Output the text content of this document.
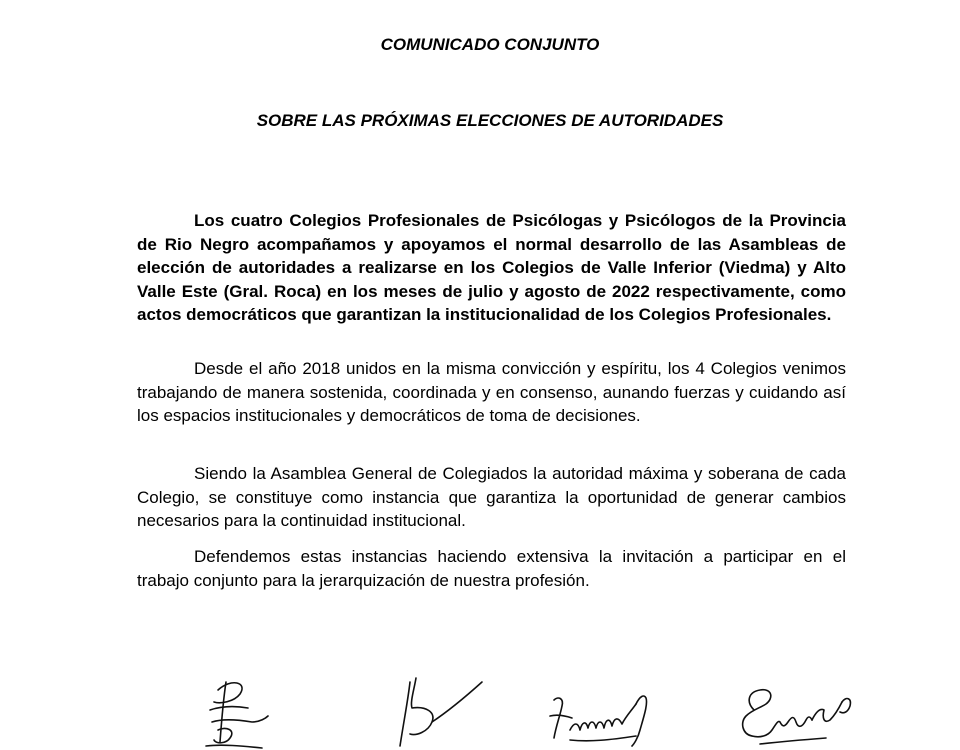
COMUNICADO CONJUNTO
SOBRE LAS PRÓXIMAS ELECCIONES DE AUTORIDADES

Los cuatro Colegios Profesionales de Psicólogas y Psicólogos de la Provincia de Rio Negro acompañamos y apoyamos el normal desarrollo de las Asambleas de elección de autoridades a realizarse en los Colegios de Valle Inferior (Viedma) y Alto Valle Este (Gral. Roca) en los meses de julio y agosto de 2022 respectivamente, como actos democráticos que garantizan la institucionalidad de los Colegios Profesionales.

Desde el año 2018 unidos en la misma convicción y espíritu, los 4 Colegios venimos trabajando de manera sostenida, coordinada y en consenso, aunando fuerzas y cuidando así los espacios institucionales y democráticos de toma de decisiones.

Siendo la Asamblea General de Colegiados la autoridad máxima y soberana de cada Colegio, se constituye como instancia que garantiza la oportunidad de generar cambios necesarios para la continuidad institucional.

Defendemos estas instancias haciendo extensiva la invitación a participar en el trabajo conjunto para la jerarquización de nuestra profesión.
